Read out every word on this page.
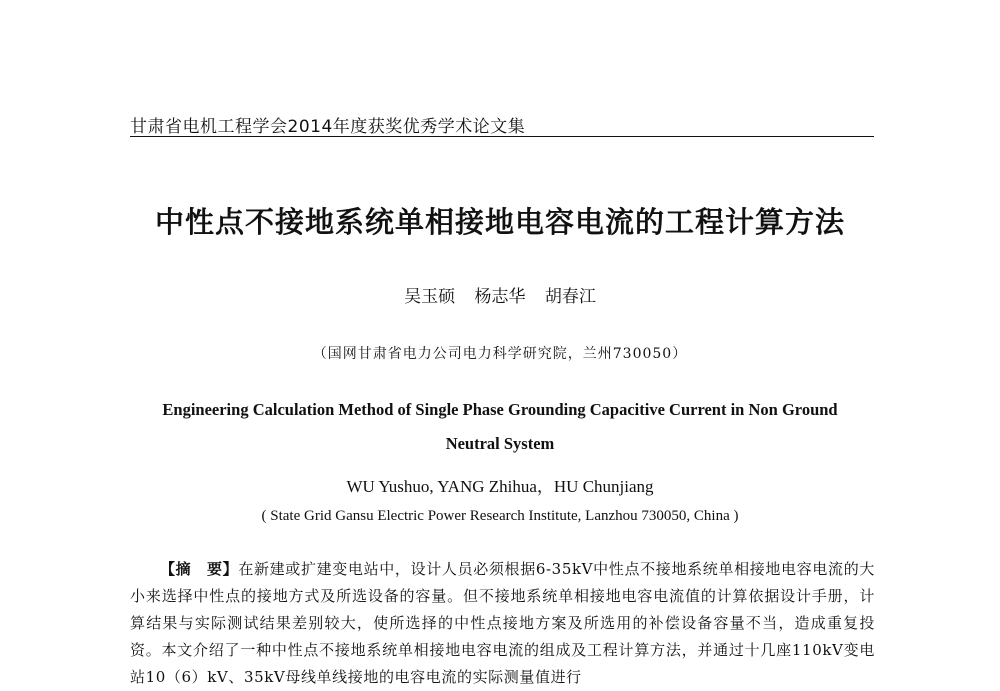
甘肃省电机工程学会2014年度获奖优秀学术论文集
中性点不接地系统单相接地电容电流的工程计算方法
吴玉硕 杨志华 胡春江
（国网甘肃省电力公司电力科学研究院，兰州730050）
Engineering Calculation Method of Single Phase Grounding Capacitive Current in Non Ground Neutral System
WU Yushuo, YANG Zhihua，HU Chunjiang
( State Grid Gansu Electric Power Research Institute, Lanzhou 730050, China )
【摘　要】在新建或扩建变电站中，设计人员必须根据6-35kV中性点不接地系统单相接地电容电流的大小来选择中性点的接地方式及所选设备的容量。但不接地系统单相接地电容电流值的计算依据设计手册，计算结果与实际测试结果差别较大，使所选择的中性点接地方案及所选用的补偿设备容量不当，造成重复投资。本文介绍了一种中性点不接地系统单相接地电容电流的组成及工程计算方法，并通过十几座110kV变电站10（6）kV、35kV母线单线接地的电容电流的实际测量值进行
